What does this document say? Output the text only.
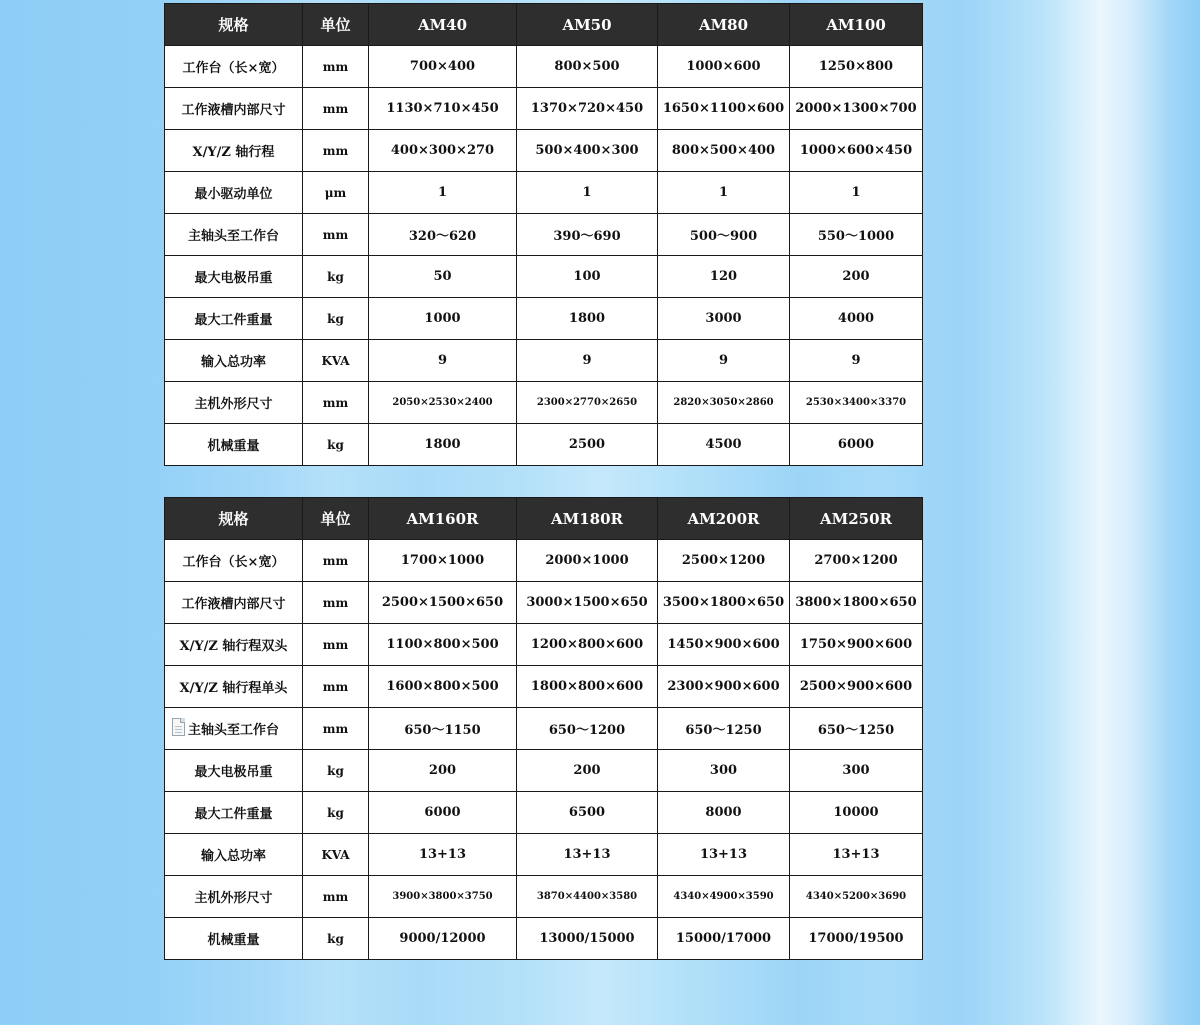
规格	单位	AM40	AM50	AM80	AM100
工作台（长×宽）	mm	700×400	800×500	1000×600	1250×800
工作液槽内部尺寸	mm	1130×710×450	1370×720×450	1650×1100×600	2000×1300×700
X/Y/Z 轴行程	mm	400×300×270	500×400×300	800×500×400	1000×600×450
最小驱动单位	μm	1	1	1	1
主轴头至工作台	mm	320～620	390～690	500～900	550～1000
最大电极吊重	kg	50	100	120	200
最大工件重量	kg	1000	1800	3000	4000
输入总功率	KVA	9	9	9	9
主机外形尺寸	mm	2050×2530×2400	2300×2770×2650	2820×3050×2860	2530×3400×3370
机械重量	kg	1800	2500	4500	6000
规格	单位	AM160R	AM180R	AM200R	AM250R
工作台（长×宽）	mm	1700×1000	2000×1000	2500×1200	2700×1200
工作液槽内部尺寸	mm	2500×1500×650	3000×1500×650	3500×1800×650	3800×1800×650
X/Y/Z 轴行程双头	mm	1100×800×500	1200×800×600	1450×900×600	1750×900×600
X/Y/Z 轴行程单头	mm	1600×800×500	1800×800×600	2300×900×600	2500×900×600
主轴头至工作台	mm	650～1150	650～1200	650～1250	650～1250
最大电极吊重	kg	200	200	300	300
最大工件重量	kg	6000	6500	8000	10000
输入总功率	KVA	13+13	13+13	13+13	13+13
主机外形尺寸	mm	3900×3800×3750	3870×4400×3580	4340×4900×3590	4340×5200×3690
机械重量	kg	9000/12000	13000/15000	15000/17000	17000/19500
